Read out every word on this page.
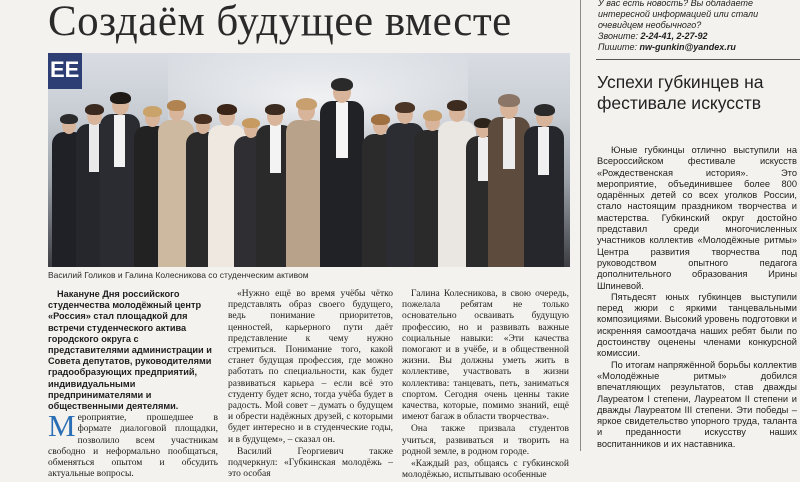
Создаём будущее вместе
EE

Василий Голиков и Галина Колесникова со студенческим активом

Накануне Дня российского студенчества молодёжный центр «Россия» стал площадкой для встречи студенческого актива городского округа с представителями администрации и Совета депутатов, руководителями градообразующих предприятий, индивидуальными предпринимателями и общественными деятелями.

Мероприятие, прошедшее в формате диалоговой площадки, позволило всем участникам свободно и неформально пообщаться, обменяться опытом и обсудить актуальные вопросы.

«Нужно ещё во время учёбы чётко представлять образ своего будущего, ведь понимание приоритетов, ценностей, карьерного пути даёт представление к чему нужно стремиться. Понимание того, какой станет будущая профессия, где можно работать по специальности, как будет развиваться карьера – если всё это студенту будет ясно, тогда учёба будет в радость. Мой совет – думать о будущем и обрести надёжных друзей, с которыми будет интересно и в студенческие годы, и в будущем», – сказал он.

Василий Георгиевич также подчеркнул: «Губкинская молодёжь – это особая

Галина Колесникова, в свою очередь, пожелала ребятам не только основательно осваивать будущую профессию, но и развивать важные социальные навыки: «Эти качества помогают и в учёбе, и в общественной жизни. Вы должны уметь жить в коллективе, участвовать в жизни коллектива: танцевать, петь, заниматься спортом. Сегодня очень ценны такие качества, которые, помимо знаний, ещё имеют багаж в области творчества».

Она также призвала студентов учиться, развиваться и творить на родной земле, в родном городе.

«Каждый раз, общаясь с губкинской молодёжью, испытываю особенные

У вас есть новость? Вы обладаете интересной информацией или стали очевидцем необычного?

Звоните: 2-24-41, 2-27-92

Пишите: nw-gunkin@yandex.ru

Успехи губкинцев на фестивале искусств

Юные губкинцы отлично выступили на Всероссийском фестивале искусств «Рождественская история». Это мероприятие, объединившее более 800 одарённых детей со всех уголков России, стало настоящим праздником творчества и мастерства. Губкинский округ достойно представил среди многочисленных участников коллектив «Молодёжные ритмы» Центра развития творчества под руководством опытного педагога дополнительного образования Ирины Шпиневой.

Пятьдесят юных губкинцев выступили перед жюри с яркими танцевальными композициями. Высокий уровень подготовки и искренняя самоотдача наших ребят были по достоинству оценены членами конкурсной комиссии.

По итогам напряжённой борьбы коллектив «Молодёжные ритмы» добился впечатляющих результатов, став дважды Лауреатом I степени, Лауреатом II степени и дважды Лауреатом III степени. Эти победы – яркое свидетельство упорного труда, таланта и преданности искусству наших воспитанников и их наставника.
